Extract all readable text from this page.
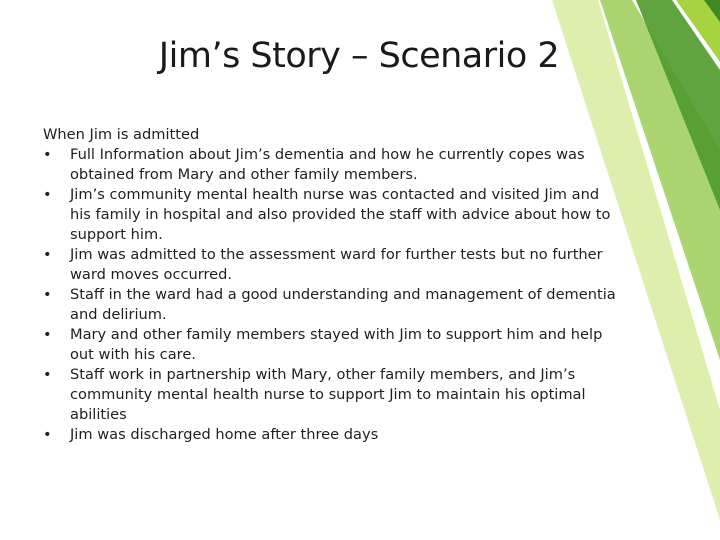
Jim’s Story – Scenario 2
When Jim is admitted
•	Full Information about Jim’s dementia and how he currently copes was
obtained from Mary and other family members.
•	Jim’s community mental health nurse was contacted and visited Jim and
his family in hospital and also provided the staff with advice about how to
support him.
•	Jim was admitted to the assessment ward for further tests but no further
ward moves occurred.
•	Staff in the ward had a good understanding and management of dementia
and delirium.
•	Mary and other family members stayed with Jim to support him and help
out with his care.
•	Staff work in partnership with Mary, other family members, and Jim’s
community mental health nurse to support Jim to maintain his optimal
abilities
•	Jim was discharged home after three days
